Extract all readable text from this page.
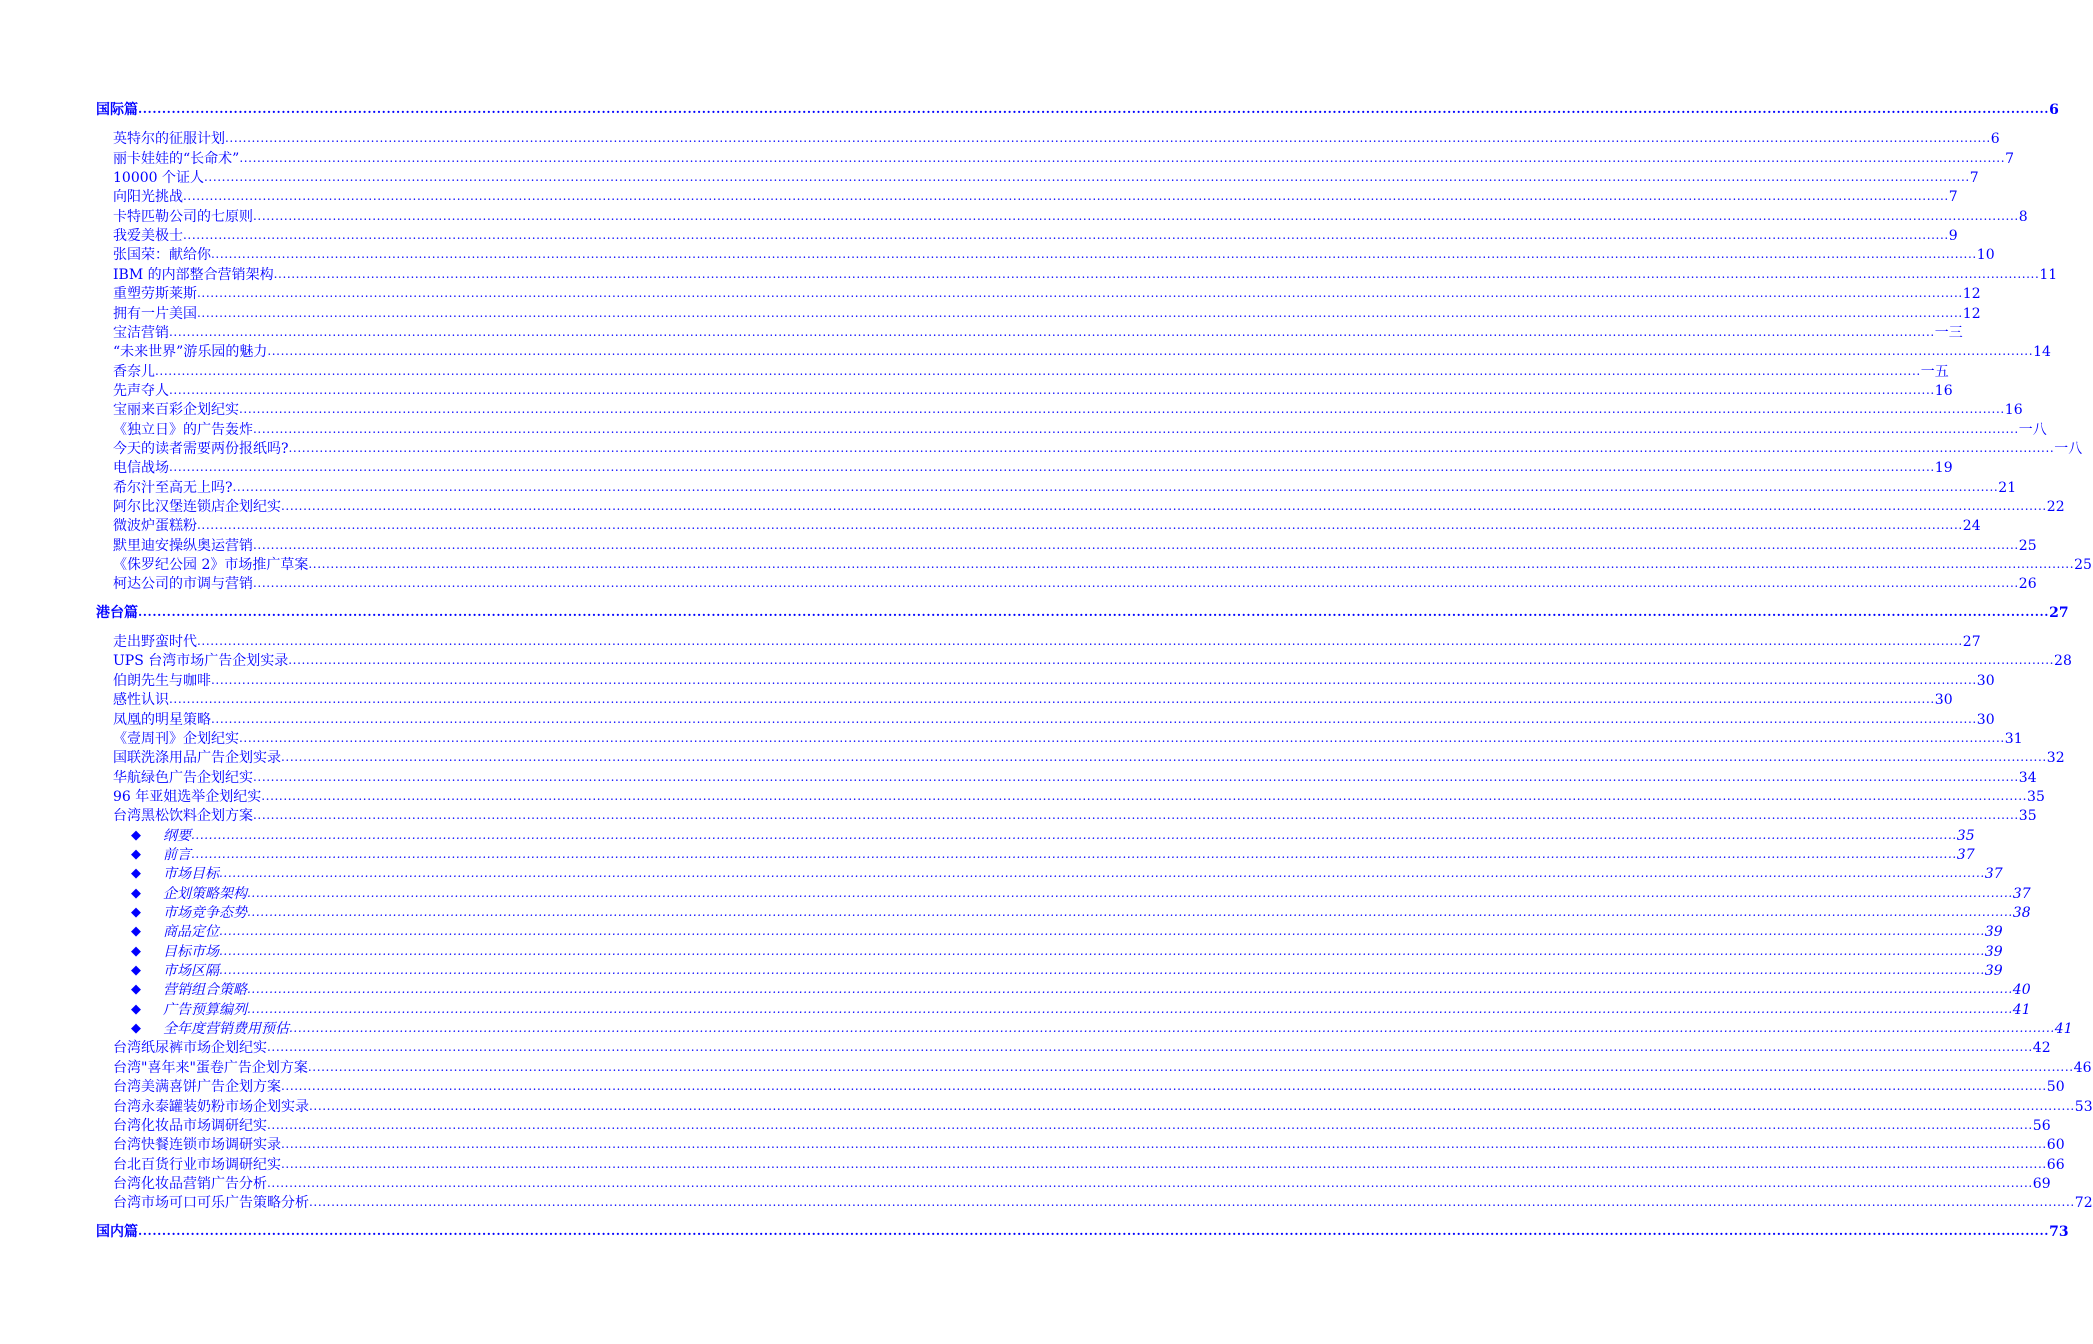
国际篇 ................................................................................................................................................................................................................................................................................................................................................................................................................ 6
英特尔的征服计划 ................................................................................................................................................................................................................................................................................................................................................................................................................ 6
丽卡娃娃的“长命术” ................................................................................................................................................................................................................................................................................................................................................................................................................ 7
10000 个证人 ................................................................................................................................................................................................................................................................................................................................................................................................................ 7
向阳光挑战 ................................................................................................................................................................................................................................................................................................................................................................................................................ 7
卡特匹勒公司的七原则 ................................................................................................................................................................................................................................................................................................................................................................................................................ 8
我爱美极士 ................................................................................................................................................................................................................................................................................................................................................................................................................ 9
张国荣：献给你 ................................................................................................................................................................................................................................................................................................................................................................................................................ 10
IBM 的内部整合营销架构 ................................................................................................................................................................................................................................................................................................................................................................................................................ 11
重塑劳斯莱斯 ................................................................................................................................................................................................................................................................................................................................................................................................................ 12
拥有一片美国 ................................................................................................................................................................................................................................................................................................................................................................................................................ 12
宝洁营销 ................................................................................................................................................................................................................................................................................................................................................................................................................ 一三
“未来世界”游乐园的魅力 ................................................................................................................................................................................................................................................................................................................................................................................................................ 14
香奈儿 ................................................................................................................................................................................................................................................................................................................................................................................................................ 一五
先声夺人 ................................................................................................................................................................................................................................................................................................................................................................................................................ 16
宝丽来百彩企划纪实 ................................................................................................................................................................................................................................................................................................................................................................................................................ 16
《独立日》的广告轰炸 ................................................................................................................................................................................................................................................................................................................................................................................................................ 一八
今天的读者需要两份报纸吗? ................................................................................................................................................................................................................................................................................................................................................................................................................ 一八
电信战场 ................................................................................................................................................................................................................................................................................................................................................................................................................ 19
希尔汁至高无上吗? ................................................................................................................................................................................................................................................................................................................................................................................................................ 21
阿尔比汉堡连锁店企划纪实 ................................................................................................................................................................................................................................................................................................................................................................................................................ 22
微波炉蛋糕粉 ................................................................................................................................................................................................................................................................................................................................................................................................................ 24
默里迪安操纵奥运营销 ................................................................................................................................................................................................................................................................................................................................................................................................................ 25
《侏罗纪公园 2》市场推广草案 ................................................................................................................................................................................................................................................................................................................................................................................................................ 25
柯达公司的市调与营销 ................................................................................................................................................................................................................................................................................................................................................................................................................ 26
港台篇 ................................................................................................................................................................................................................................................................................................................................................................................................................ 27
走出野蛮时代 ................................................................................................................................................................................................................................................................................................................................................................................................................ 27
UPS 台湾市场广告企划实录 ................................................................................................................................................................................................................................................................................................................................................................................................................ 28
伯朗先生与咖啡 ................................................................................................................................................................................................................................................................................................................................................................................................................ 30
感性认识 ................................................................................................................................................................................................................................................................................................................................................................................................................ 30
凤凰的明星策略 ................................................................................................................................................................................................................................................................................................................................................................................................................ 30
《壹周刊》企划纪实 ................................................................................................................................................................................................................................................................................................................................................................................................................ 31
国联洗涤用品广告企划实录 ................................................................................................................................................................................................................................................................................................................................................................................................................ 32
华航绿色广告企划纪实 ................................................................................................................................................................................................................................................................................................................................................................................................................ 34
96 年亚姐选举企划纪实 ................................................................................................................................................................................................................................................................................................................................................................................................................ 35
台湾黑松饮料企划方案 ................................................................................................................................................................................................................................................................................................................................................................................................................ 35
◆	纲要 ................................................................................................................................................................................................................................................................................................................................................................................................................ 35
◆	前言 ................................................................................................................................................................................................................................................................................................................................................................................................................ 37
◆	市场目标 ................................................................................................................................................................................................................................................................................................................................................................................................................ 37
◆	企划策略架构 ................................................................................................................................................................................................................................................................................................................................................................................................................ 37
◆	市场竞争态势 ................................................................................................................................................................................................................................................................................................................................................................................................................ 38
◆	商品定位 ................................................................................................................................................................................................................................................................................................................................................................................................................ 39
◆	目标市场 ................................................................................................................................................................................................................................................................................................................................................................................................................ 39
◆	市场区隔 ................................................................................................................................................................................................................................................................................................................................................................................................................ 39
◆	营销组合策略 ................................................................................................................................................................................................................................................................................................................................................................................................................ 40
◆	广告预算编列 ................................................................................................................................................................................................................................................................................................................................................................................................................ 41
◆	全年度营销费用预估 ................................................................................................................................................................................................................................................................................................................................................................................................................ 41
台湾纸尿裤市场企划纪实 ................................................................................................................................................................................................................................................................................................................................................................................................................ 42
台湾"喜年来"蛋卷广告企划方案 ................................................................................................................................................................................................................................................................................................................................................................................................................ 46
台湾美满喜饼广告企划方案 ................................................................................................................................................................................................................................................................................................................................................................................................................ 50
台湾永泰罐装奶粉市场企划实录 ................................................................................................................................................................................................................................................................................................................................................................................................................ 53
台湾化妆品市场调研纪实 ................................................................................................................................................................................................................................................................................................................................................................................................................ 56
台湾快餐连锁市场调研实录 ................................................................................................................................................................................................................................................................................................................................................................................................................ 60
台北百货行业市场调研纪实 ................................................................................................................................................................................................................................................................................................................................................................................................................ 66
台湾化妆品营销广告分析 ................................................................................................................................................................................................................................................................................................................................................................................................................ 69
台湾市场可口可乐广告策略分析 ................................................................................................................................................................................................................................................................................................................................................................................................................ 72
国内篇 ................................................................................................................................................................................................................................................................................................................................................................................................................ 73
